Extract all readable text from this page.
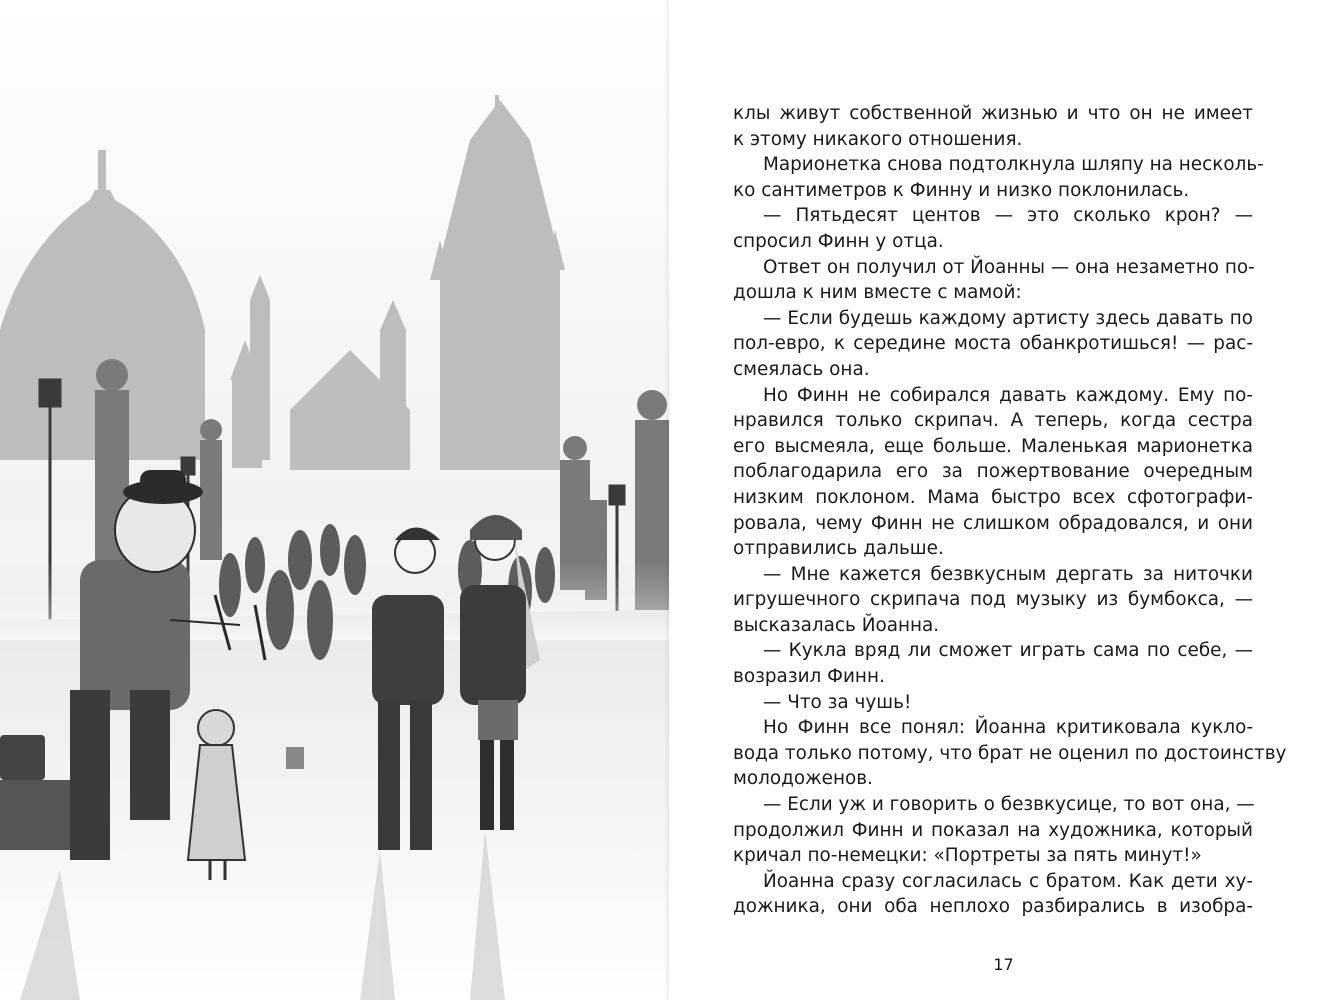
клы живут собственной жизнью и что он не имеет
к этому никакого отношения.
Марионетка снова подтолкнула шляпу на несколь-
ко сантиметров к Финну и низко поклонилась.
— Пятьдесят центов — это сколько крон? —
спросил Финн у отца.
Ответ он получил от Йоанны — она незаметно по-
дошла к ним вместе с мамой:
— Если будешь каждому артисту здесь давать по
пол-евро, к середине моста обанкротишься! — рас-
смеялась она.
Но Финн не собирался давать каждому. Ему по-
нравился только скрипач. А теперь, когда сестра
его высмеяла, еще больше. Маленькая марионетка
поблагодарила его за пожертвование очередным
низким поклоном. Мама быстро всех сфотографи-
ровала, чему Финн не слишком обрадовался, и они
отправились дальше.
— Мне кажется безвкусным дергать за ниточки
игрушечного скрипача под музыку из бумбокса, —
высказалась Йоанна.
— Кукла вряд ли сможет играть сама по себе, —
возразил Финн.
— Что за чушь!
Но Финн все понял: Йоанна критиковала кукло-
вода только потому, что брат не оценил по достоинству
молодоженов.
— Если уж и говорить о безвкусице, то вот она, —
продолжил Финн и показал на художника, который
кричал по-немецки: «Портреты за пять минут!»
Йоанна сразу согласилась с братом. Как дети ху-
дожника, они оба неплохо разбирались в изобра-
17
